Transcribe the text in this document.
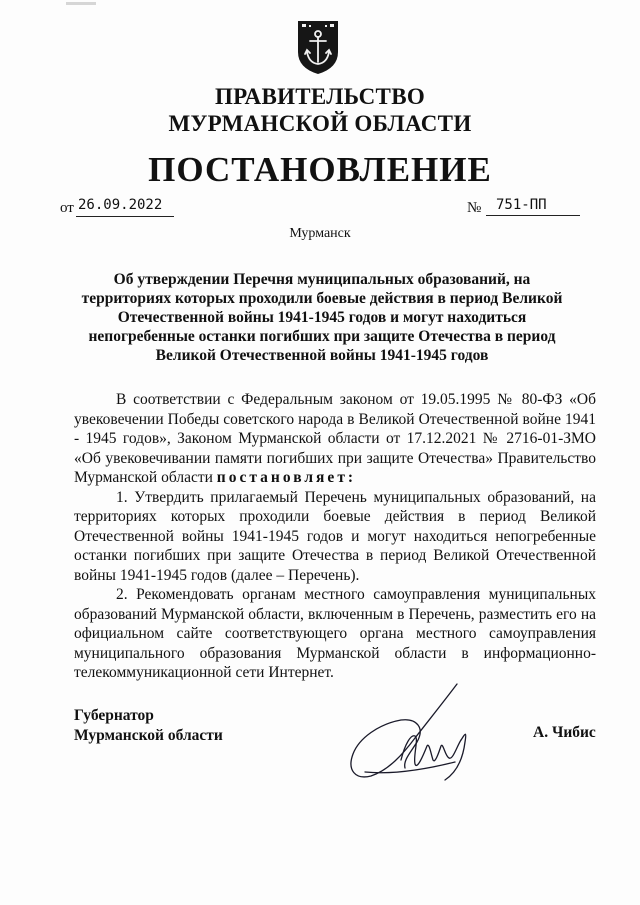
ПРАВИТЕЛЬСТВО
МУРМАНСКОЙ ОБЛАСТИ
ПОСТАНОВЛЕНИЕ
от 26.09.2022	№	751-ПП
Мурманск
Об утверждении Перечня муниципальных образований, на территориях которых проходили боевые действия в период Великой Отечественной войны 1941-1945 годов и могут находиться непогребенные останки погибших при защите Отечества в период Великой Отечественной войны 1941-1945 годов

В соответствии с Федеральным законом от 19.05.1995 № 80-ФЗ «Об увековечении Победы советского народа в Великой Отечественной войне 1941 - 1945 годов», Законом Мурманской области от 17.12.2021 № 2716-01-ЗМО «Об увековечивании памяти погибших при защите Отечества» Правительство Мурманской области постановляет:

1. Утвердить прилагаемый Перечень муниципальных образований, на территориях которых проходили боевые действия в период Великой Отечественной войны 1941-1945 годов и могут находиться непогребенные останки погибших при защите Отечества в период Великой Отечественной войны 1941-1945 годов (далее – Перечень).

2. Рекомендовать органам местного самоуправления муниципальных образований Мурманской области, включенным в Перечень, разместить его на официальном сайте соответствующего органа местного самоуправления муниципального образования Мурманской области в информационно-телекоммуникационной сети Интернет.

Губернатор
Мурманской области	А. Чибис
